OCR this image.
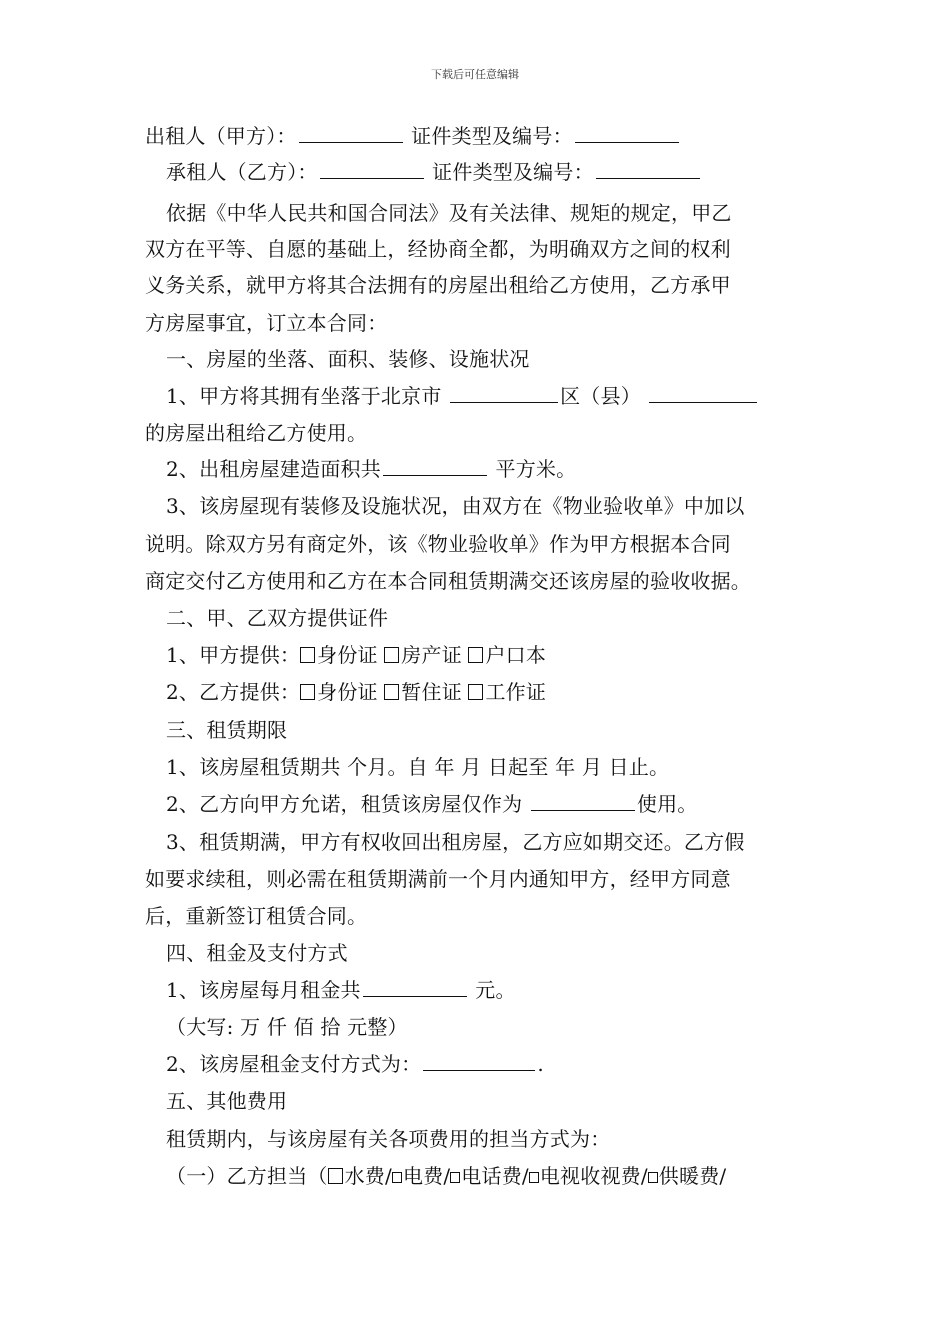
下载后可任意编辑
出租人（甲方）：	证件类型及编号：
承租人（乙方）：	证件类型及编号：
依据《中华人民共和国合同法》及有关法律、规矩的规定，甲乙
双方在平等、自愿的基础上，经协商全都，为明确双方之间的权利
义务关系，就甲方将其合法拥有的房屋出租给乙方使用，乙方承甲
方房屋事宜，订立本合同：
一、房屋的坐落、面积、装修、设施状况
1、甲方将其拥有坐落于北京市	区（县）
的房屋出租给乙方使用。
2、出租房屋建造面积共	平方米。
3、该房屋现有装修及设施状况，由双方在《物业验收单》中加以
说明。除双方另有商定外，该《物业验收单》作为甲方根据本合同
商定交付乙方使用和乙方在本合同租赁期满交还该房屋的验收收据。
二、甲、乙双方提供证件
1、甲方提供： 身份证 房产证 户口本
2、乙方提供： 身份证 暂住证 工作证
三、租赁期限
1、该房屋租赁期共 个月。自 年 月 日起至 年 月 日止。
2、乙方向甲方允诺，租赁该房屋仅作为	使用。
3、租赁期满，甲方有权收回出租房屋，乙方应如期交还。乙方假
如要求续租，则必需在租赁期满前一个月内通知甲方，经甲方同意
后，重新签订租赁合同。
四、租金及支付方式
1、该房屋每月租金共	元。
（大写: 万 仟 佰 拾 元整）
2、该房屋租金支付方式为：	.
五、其他费用
租赁期内，与该房屋有关各项费用的担当方式为：
（一）乙方担当（ 水费/ 电费/ 电话费/ 电视收视费/ 供暖费/
